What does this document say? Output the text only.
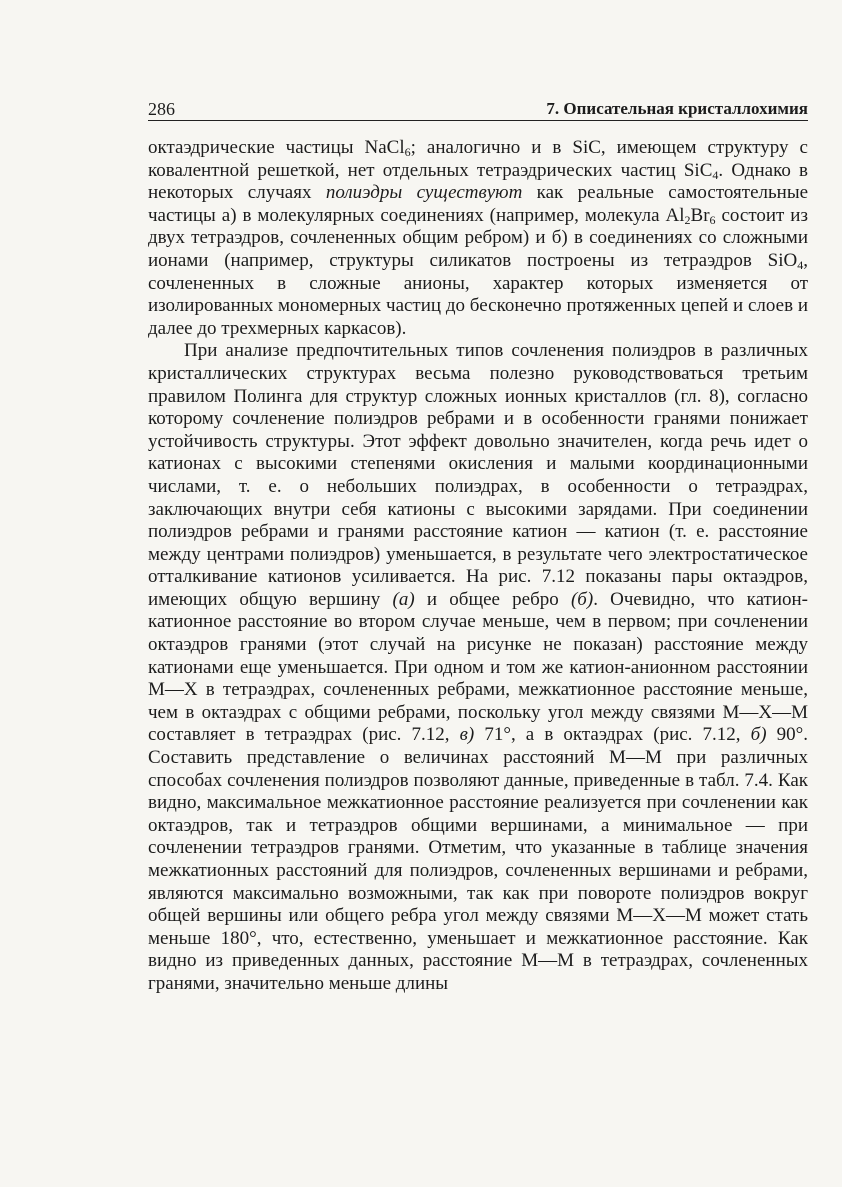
286	7. Описательная кристаллохимия

октаэдрические частицы NaCl$_6$; аналогично и в SiC, имеющем структуру с ковалентной решеткой, нет отдельных тетраэдрических частиц SiC$_4$. Однако в некоторых случаях полиэдры существуют как реальные самостоятельные частицы а) в молекулярных соединениях (например, молекула $Al_2Br_6$ состоит из двух тетраэдров, сочлененных общим ребром) и б) в соединениях со сложными ионами (например, структуры силикатов построены из тетраэдров SiO$_4$, сочлененных в сложные анионы, характер которых изменяется от изолированных мономерных частиц до бесконечно протяженных цепей и слоев и далее до трехмерных каркасов).

При анализе предпочтительных типов сочленения полиэдров в различных кристаллических структурах весьма полезно руководствоваться третьим правилом Полинга для структур сложных ионных кристаллов (гл. 8), согласно которому сочленение полиэдров ребрами и в особенности гранями понижает устойчивость структуры. Этот эффект довольно значителен, когда речь идет о катионах с высокими степенями окисления и малыми координационными числами, т. е. о небольших полиэдрах, в особенности о тетраэдрах, заключающих внутри себя катионы с высокими зарядами. При соединении полиэдров ребрами и гранями расстояние катион — катион (т. е. расстояние между центрами полиэдров) уменьшается, в результате чего электростатическое отталкивание катионов усиливается. На рис. 7.12 показаны пары октаэдров, имеющих общую вершину (а) и общее ребро (б). Очевидно, что катион-катионное расстояние во втором случае меньше, чем в первом; при сочленении октаэдров гранями (этот случай на рисунке не показан) расстояние между катионами еще уменьшается. При одном и том же катион-анионном расстоянии M—X в тетраэдрах, сочлененных ребрами, межкатионное расстояние меньше, чем в октаэдрах с общими ребрами, поскольку угол между связями M—X—M составляет в тетраэдрах (рис. 7.12, в) 71°, а в октаэдрах (рис. 7.12, б) 90°. Составить представление о величинах расстояний M—M при различных способах сочленения полиэдров позволяют данные, приведенные в табл. 7.4. Как видно, максимальное межкатионное расстояние реализуется при сочленении как октаэдров, так и тетраэдров общими вершинами, а минимальное — при сочленении тетраэдров гранями. Отметим, что указанные в таблице значения межкатионных расстояний для полиэдров, сочлененных вершинами и ребрами, являются максимально возможными, так как при повороте полиэдров вокруг общей вершины или общего ребра угол между связями M—X—M может стать меньше 180°, что, естественно, уменьшает и межкатионное расстояние. Как видно из приведенных данных, расстояние M—M в тетраэдрах, сочлененных гранями, значительно меньше длины
